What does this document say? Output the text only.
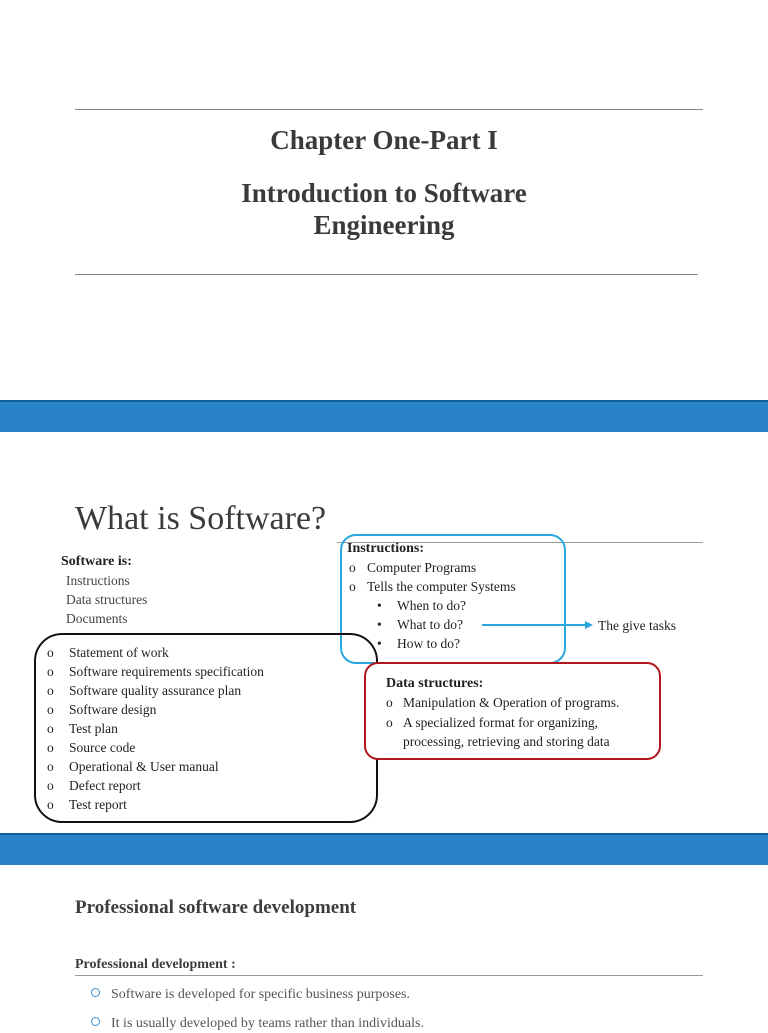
Chapter One-Part I
Introduction to Software
Engineering
What is Software?
Software is:
Instructions
Data structures
Documents
Instructions:
o Computer Programs
o Tells the computer Systems
• When to do?
• What to do?
• How to do?
The give tasks
o Statement of work
o Software requirements specification
o Software quality assurance plan
o Software design
o Test plan
o Source code
o Operational & User manual
o Defect report
o Test report
Data structures:
o Manipulation & Operation of programs.
o A specialized format for organizing,
processing, retrieving and storing data
Professional software development
Professional development :
Software is developed for specific business purposes.
It is usually developed by teams rather than individuals.
